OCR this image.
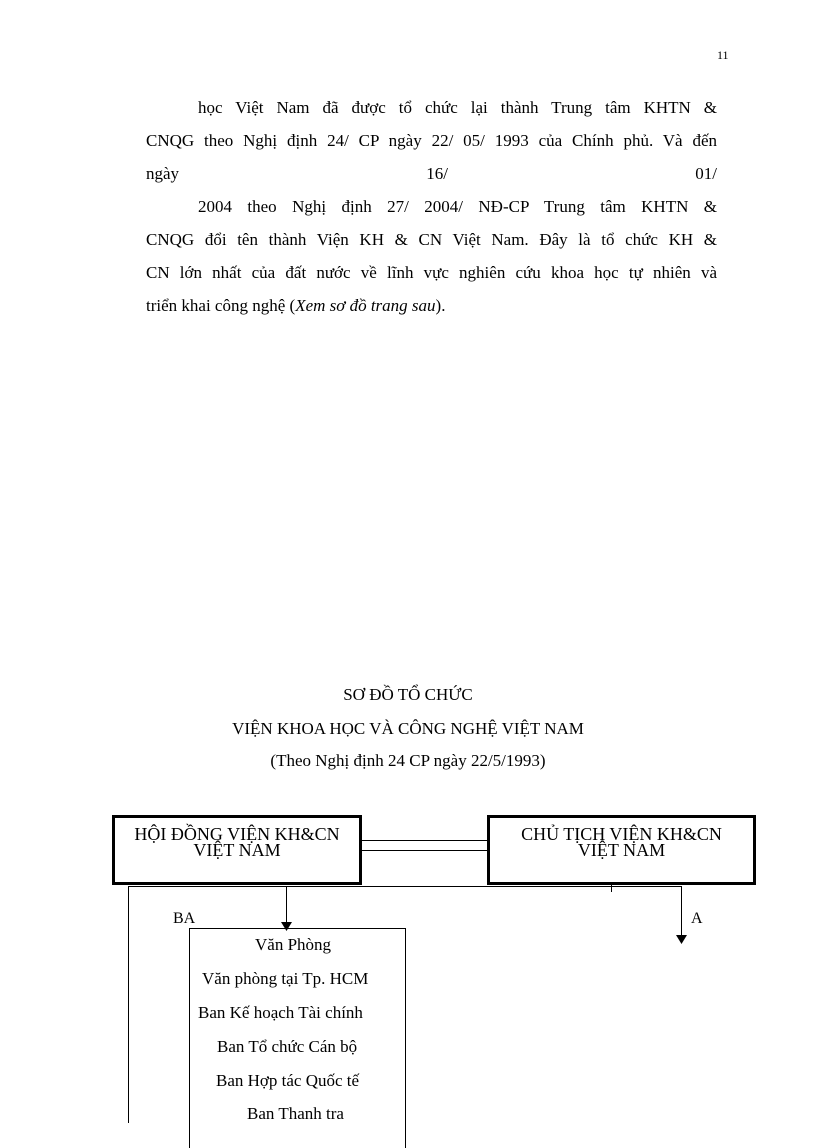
11
học Việt Nam đã được tổ chức lại thành Trung tâm KHTN &
CNQG theo Nghị định 24/ CP ngày 22/ 05/ 1993 của Chính phủ. Và đến
ngày	16/	01/
2004 theo Nghị định 27/ 2004/ NĐ-CP Trung tâm KHTN &
CNQG đổi tên thành Viện KH & CN Việt Nam. Đây là tổ chức KH &
CN lớn nhất của đất nước về lĩnh vực nghiên cứu khoa học tự nhiên và
triển khai công nghệ (Xem sơ đồ trang sau).
SƠ ĐỒ TỔ CHỨC
VIỆN KHOA HỌC VÀ CÔNG NGHỆ VIỆT NAM
(Theo Nghị định 24 CP ngày 22/5/1993)
HỘI ĐỒNG VIỆN KH&CN
VIỆT NAM
CHỦ TỊCH VIỆN KH&CN
VIỆT NAM
BA	A
Văn Phòng
Văn phòng tại Tp. HCM
Ban Kế hoạch Tài chính
Ban Tổ chức Cán bộ
Ban Hợp tác Quốc tế
Ban Thanh tra
